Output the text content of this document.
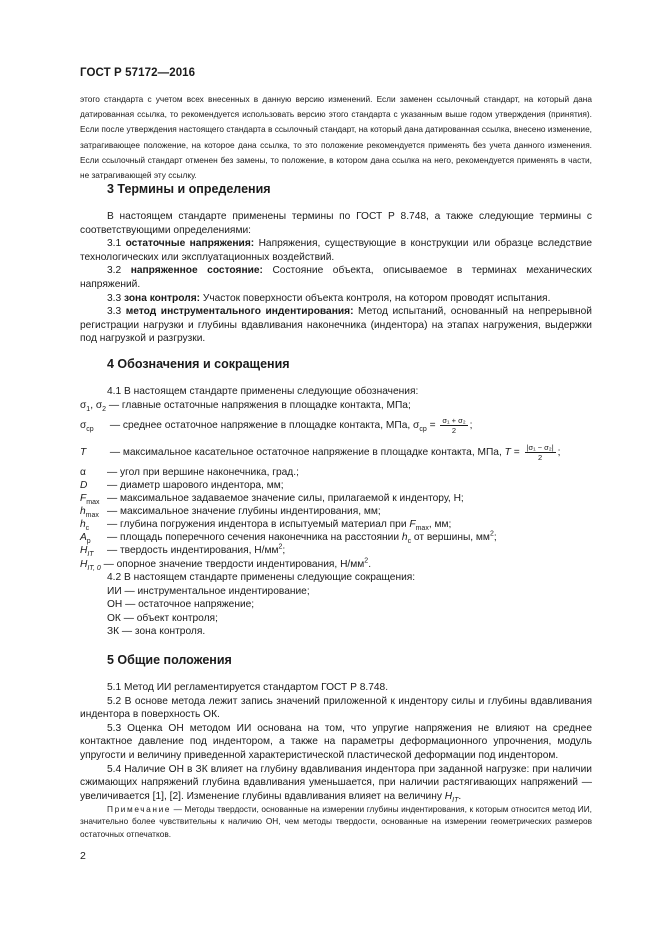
ГОСТ Р 57172—2016

этого стандарта с учетом всех внесенных в данную версию изменений. Если заменен ссылочный стандарт, на который дана датированная ссылка, то рекомендуется использовать версию этого стандарта с указанным выше годом утверждения (принятия). Если после утверждения настоящего стандарта в ссылочный стандарт, на который дана датированная ссылка, внесено изменение, затрагивающее положение, на которое дана ссылка, то это положение рекомендуется применять без учета данного изменения. Если ссылочный стандарт отменен без замены, то положение, в котором дана ссылка на него, рекомендуется применять в части, не затрагивающей эту ссылку.

3 Термины и определения

В настоящем стандарте применены термины по ГОСТ Р 8.748, а также следующие термины с соответствующими определениями:

3.1 остаточные напряжения: Напряжения, существующие в конструкции или образце вследствие технологических или эксплуатационных воздействий.

3.2 напряженное состояние: Состояние объекта, описываемое в терминах механических напряжений.

3.3 зона контроля: Участок поверхности объекта контроля, на котором проводят испытания.

3.3 метод инструментального индентирования: Метод испытаний, основанный на непрерывной регистрации нагрузки и глубины вдавливания наконечника (индентора) на этапах нагружения, выдержки под нагрузкой и разгрузки.

4 Обозначения и сокращения
4.1 В настоящем стандарте применены следующие обозначения:
$\sigma_1$, $\sigma_2$ — главные остаточные напряжения в площадке контакта, МПа;
$\sigma_{ср}$ — среднее остаточное напряжение в площадке контакта, МПа, $\sigma_{ср} = \frac{\text{σ₁ + σ₂}}{2}$ ;
T — максимальное касательное остаточное напряжение в площадке контакта, МПа, $T = \frac{\text{|σ₁ − σ₂|}}{2}$ ;
α — угол при вершине наконечника, град.;
D — диаметр шарового индентора, мм;
$F_{max}$ — максимальное задаваемое значение силы, прилагаемой к индентору, Н;
$h_{max}$ — максимальное значение глубины индентирования, мм;
$h_c$ — глубина погружения индентора в испытуемый материал при $F_{max}$, мм;
$A_p$ — площадь поперечного сечения наконечника на расстоянии $h_c$ от вершины, $мм^2$;
$H_{IT}$ — твердость индентирования, $Н/мм^2$;
$H_{IT, 0}$ — опорное значение твердости индентирования, $Н/мм^2$.
4.2 В настоящем стандарте применены следующие сокращения:
ИИ — инструментальное индентирование;
ОН — остаточное напряжение;
ОК — объект контроля;
ЗК — зона контроля.
5 Общие положения

5.1 Метод ИИ регламентируется стандартом ГОСТ Р 8.748.

5.2 В основе метода лежит запись значений приложенной к индентору силы и глубины вдавливания индентора в поверхность ОК.

5.3 Оценка ОН методом ИИ основана на том, что упругие напряжения не влияют на среднее контактное давление под индентором, а также на параметры деформационного упрочнения, модуль упругости и величину приведенной характеристической пластической деформации под индентором.

5.4 Наличие ОН в ЗК влияет на глубину вдавливания индентора при заданной нагрузке: при наличии сжимающих напряжений глубина вдавливания уменьшается, при наличии растягивающих напряжений — увеличивается [1], [2]. Изменение глубины вдавливания влияет на величину $H_{IT}$.

Примечание — Методы твердости, основанные на измерении глубины индентирования, к которым относится метод ИИ, значительно более чувствительны к наличию ОН, чем методы твердости, основанные на измерении геометрических размеров остаточных отпечатков.

2
